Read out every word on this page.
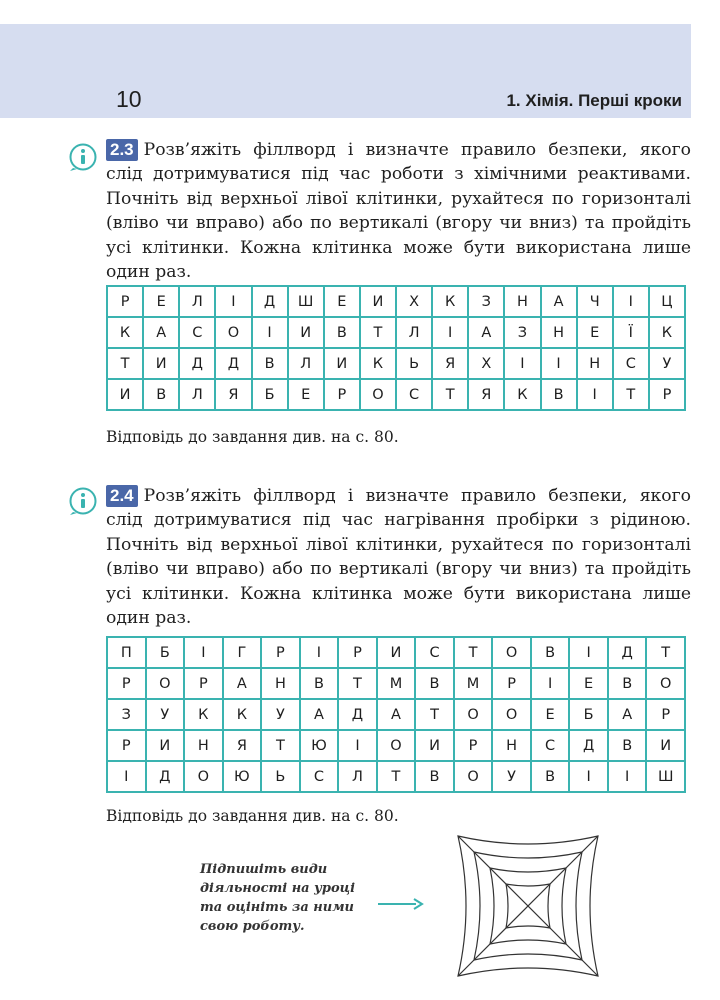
10	1. Хімія. Перші кроки
2.3 Розв’яжіть філлворд і визначте правило безпеки, якого слід дотримуватися під час роботи з хімічними реактивами. Почніть від верхньої лівої клітинки, рухайтеся по горизонталі (вліво чи вправо) або по вертикалі (вгору чи вниз) та пройдіть усі клітинки. Кожна клітинка може бути використана лише один раз.
Р	Е	Л	І	Д	Ш	Е	И	Х	К	З	Н	А	Ч	І	Ц
К	А	С	О	І	И	В	Т	Л	І	А	З	Н	Е	Ї	К
Т	И	Д	Д	В	Л	И	К	Ь	Я	Х	І	І	Н	С	У
И	В	Л	Я	Б	Е	Р	О	С	Т	Я	К	В	І	Т	Р
Відповідь до завдання див. на с. 80.
2.4 Розв’яжіть філлворд і визначте правило безпеки, якого слід дотримуватися під час нагрівання пробірки з рідиною. Почніть від верхньої лівої клітинки, рухайтеся по горизонталі (вліво чи вправо) або по вертикалі (вгору чи вниз) та пройдіть усі клітинки. Кожна клітинка може бути використана лише один раз.
П	Б	І	Г	Р	І	Р	И	С	Т	О	В	І	Д	Т
Р	О	Р	А	Н	В	Т	М	В	М	Р	І	Е	В	О
З	У	К	К	У	А	Д	А	Т	О	О	Е	Б	А	Р
Р	И	Н	Я	Т	Ю	І	О	И	Р	Н	С	Д	В	И
І	Д	О	Ю	Ь	С	Л	Т	В	О	У	В	І	І	Ш
Відповідь до завдання див. на с. 80.
Підпишіть види
діяльності на уроці
та оцініть за ними
свою роботу.
